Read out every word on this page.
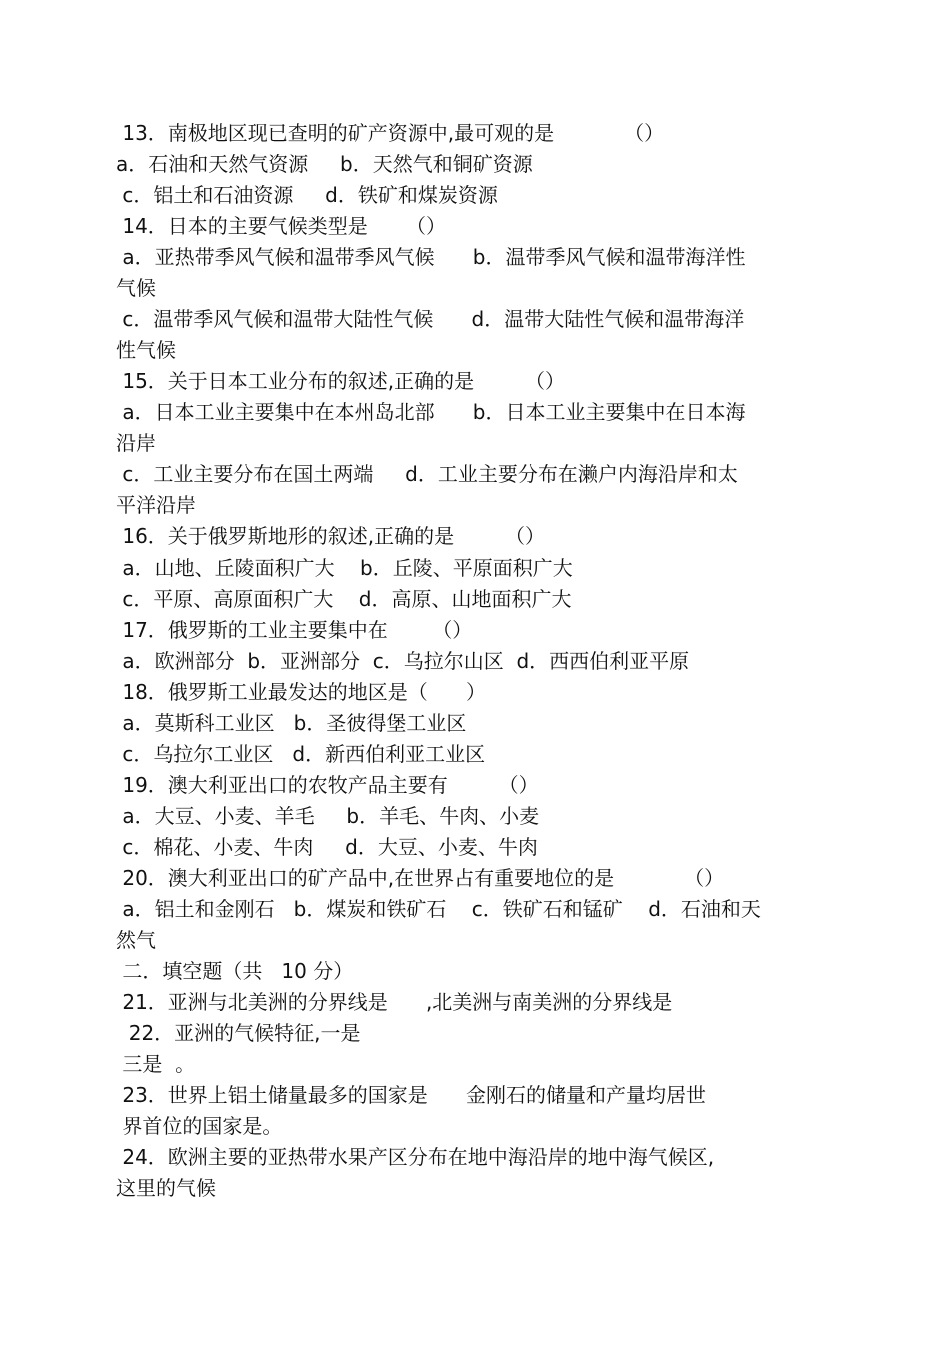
13．南极地区现已查明的矿产资源中,最可观的是           （）
a．石油和天然气资源     b．天然气和铜矿资源
c．铝土和石油资源     d．铁矿和煤炭资源
14．日本的主要气候类型是      （）
a．亚热带季风气候和温带季风气候      b．温带季风气候和温带海洋性
气候
c．温带季风气候和温带大陆性气候      d．温带大陆性气候和温带海洋
性气候
15．关于日本工业分布的叙述,正确的是        （）
a．日本工业主要集中在本州岛北部      b．日本工业主要集中在日本海
沿岸
c．工业主要分布在国土两端     d．工业主要分布在濑户内海沿岸和太
平洋沿岸
16．关于俄罗斯地形的叙述,正确的是        （）
a．山地、丘陵面积广大    b．丘陵、平原面积广大
c．平原、高原面积广大    d．高原、山地面积广大
17．俄罗斯的工业主要集中在       （）
a．欧洲部分  b．亚洲部分  c．乌拉尔山区  d．西西伯利亚平原
18．俄罗斯工业最发达的地区是（      ）
a．莫斯科工业区   b．圣彼得堡工业区
c．乌拉尔工业区   d．新西伯利亚工业区
19．澳大利亚出口的农牧产品主要有        （）
a．大豆、小麦、羊毛     b．羊毛、牛肉、小麦
c．棉花、小麦、牛肉     d．大豆、小麦、牛肉
20．澳大利亚出口的矿产品中,在世界占有重要地位的是           （）
a．铝土和金刚石   b．煤炭和铁矿石    c．铁矿石和锰矿    d．石油和天
然气
二．填空题（共   10 分）
21．亚洲与北美洲的分界线是      ,北美洲与南美洲的分界线是
22．亚洲的气候特征,一是
三是  。
23．世界上铝土储量最多的国家是      金刚石的储量和产量均居世
界首位的国家是。
24．欧洲主要的亚热带水果产区分布在地中海沿岸的地中海气候区,
这里的气候
